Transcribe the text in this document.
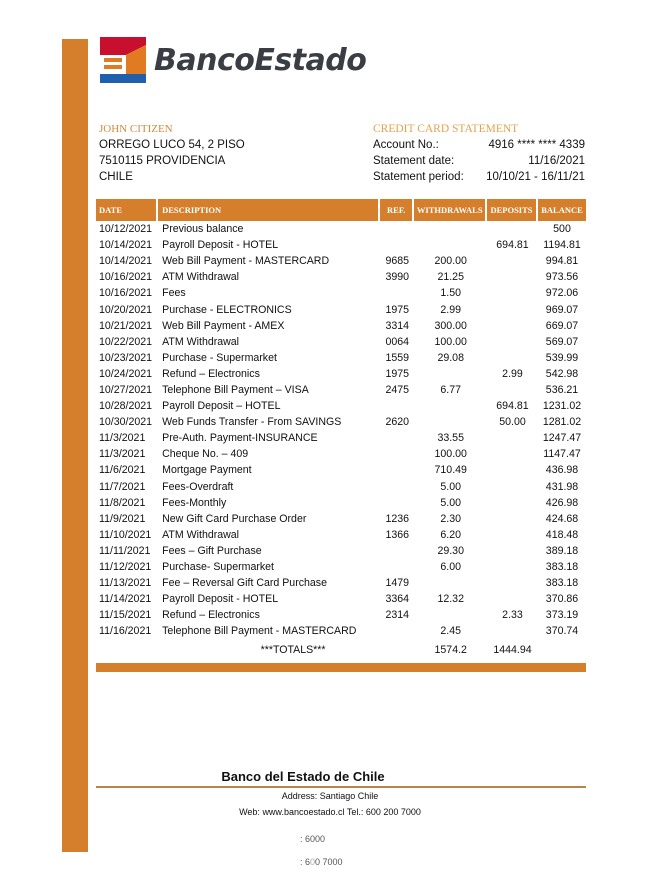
BancoEstado
JOHN CITIZEN
ORREGO LUCO 54, 2 PISO
7510115 PROVIDENCIA
CHILE
CREDIT CARD STATEMENT
Account No.:	4916 **** **** 4339
Statement date:	11/16/2021
Statement period:	10/10/21 - 16/11/21
DATE	DESCRIPTION	REF.	WITHDRAWALS	DEPOSITS	BALANCE
10/12/2021	Previous balance				500
10/14/2021	Payroll Deposit - HOTEL			694.81	1194.81
10/14/2021	Web Bill Payment - MASTERCARD	9685	200.00		994.81
10/16/2021	ATM Withdrawal	3990	21.25		973.56
10/16/2021	Fees		1.50		972.06
10/20/2021	Purchase - ELECTRONICS	1975	2.99		969.07
10/21/2021	Web Bill Payment - AMEX	3314	300.00		669.07
10/22/2021	ATM Withdrawal	0064	100.00		569.07
10/23/2021	Purchase - Supermarket	1559	29.08		539.99
10/24/2021	Refund – Electronics	1975		2.99	542.98
10/27/2021	Telephone Bill Payment – VISA	2475	6.77		536.21
10/28/2021	Payroll Deposit – HOTEL			694.81	1231.02
10/30/2021	Web Funds Transfer - From SAVINGS	2620		50.00	1281.02
11/3/2021	Pre-Auth. Payment-INSURANCE		33.55		1247.47
11/3/2021	Cheque No. – 409		100.00		1147.47
11/6/2021	Mortgage Payment		710.49		436.98
11/7/2021	Fees-Overdraft		5.00		431.98
11/8/2021	Fees-Monthly		5.00		426.98
11/9/2021	New Gift Card Purchase Order	1236	2.30		424.68
11/10/2021	ATM Withdrawal	1366	6.20		418.48
11/11/2021	Fees – Gift Purchase		29.30		389.18
11/12/2021	Purchase- Supermarket		6.00		383.18
11/13/2021	Fee – Reversal Gift Card Purchase	1479			383.18
11/14/2021	Payroll Deposit - HOTEL	3364	12.32		370.86
11/15/2021	Refund – Electronics	2314		2.33	373.19
11/16/2021	Telephone Bill Payment - MASTERCARD		2.45		370.74
	***TOTALS***		1574.2	1444.94	
Banco del Estado de Chile
Address: Santiago Chile
Web: www.bancoestado.cl Tel.: 600 200 7000
: 6000
: 600 7000
